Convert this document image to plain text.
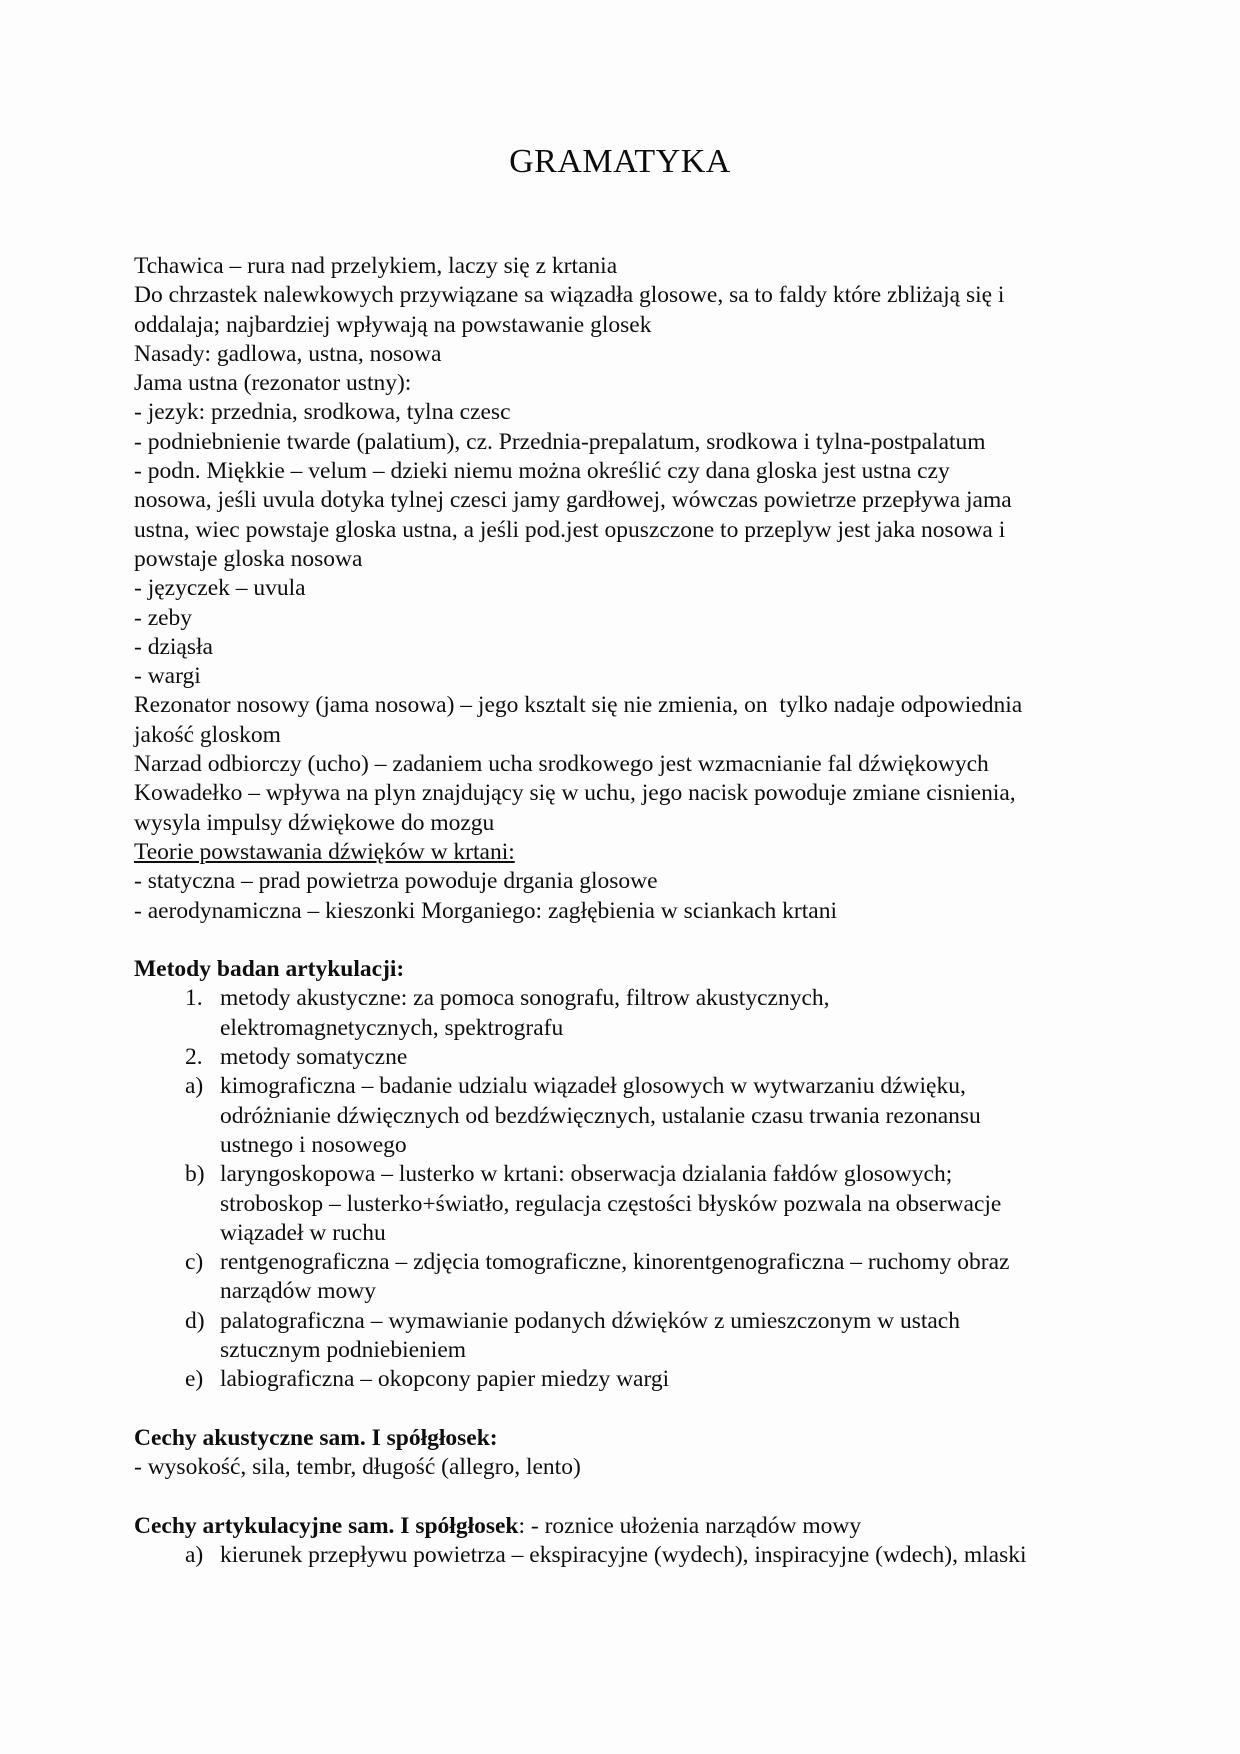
GRAMATYKA
Tchawica – rura nad przelykiem, laczy się z krtania
Do chrzastek nalewkowych przywiązane sa wiązadła glosowe, sa to faldy które zbliżają się i
oddalaja; najbardziej wpływają na powstawanie glosek
Nasady: gadlowa, ustna, nosowa
Jama ustna (rezonator ustny):
- jezyk: przednia, srodkowa, tylna czesc
- podniebnienie twarde (palatium), cz. Przednia-prepalatum, srodkowa i tylna-postpalatum
- podn. Miękkie – velum – dzieki niemu można określić czy dana gloska jest ustna czy
nosowa, jeśli uvula dotyka tylnej czesci jamy gardłowej, wówczas powietrze przepływa jama
ustna, wiec powstaje gloska ustna, a jeśli pod.jest opuszczone to przeplyw jest jaka nosowa i
powstaje gloska nosowa
- języczek – uvula
- zeby
- dziąsła
- wargi
Rezonator nosowy (jama nosowa) – jego ksztalt się nie zmienia, on  tylko nadaje odpowiednia
jakość gloskom
Narzad odbiorczy (ucho) – zadaniem ucha srodkowego jest wzmacnianie fal dźwiękowych
Kowadełko – wpływa na plyn znajdujący się w uchu, jego nacisk powoduje zmiane cisnienia,
wysyla impulsy dźwiękowe do mozgu
Teorie powstawania dźwięków w krtani:
- statyczna – prad powietrza powoduje drgania glosowe
- aerodynamiczna – kieszonki Morganiego: zagłębienia w sciankach krtani

Metody badan artykulacji:
1. metody akustyczne: za pomoca sonografu, filtrow akustycznych,
elektromagnetycznych, spektrografu
2. metody somatyczne
a) kimograficzna – badanie udzialu wiązadeł glosowych w wytwarzaniu dźwięku,
odróżnianie dźwięcznych od bezdźwięcznych, ustalanie czasu trwania rezonansu
ustnego i nosowego
b) laryngoskopowa – lusterko w krtani: obserwacja dzialania fałdów glosowych;
stroboskop – lusterko+światło, regulacja częstości błysków pozwala na obserwacje
wiązadeł w ruchu
c) rentgenograficzna – zdjęcia tomograficzne, kinorentgenograficzna – ruchomy obraz
narządów mowy
d) palatograficzna – wymawianie podanych dźwięków z umieszczonym w ustach
sztucznym podniebieniem
e) labiograficzna – okopcony papier miedzy wargi

Cechy akustyczne sam. I spółgłosek:
- wysokość, sila, tembr, długość (allegro, lento)

Cechy artykulacyjne sam. I spółgłosek: - roznice ułożenia narządów mowy
a) kierunek przepływu powietrza – ekspiracyjne (wydech), inspiracyjne (wdech), mlaski
